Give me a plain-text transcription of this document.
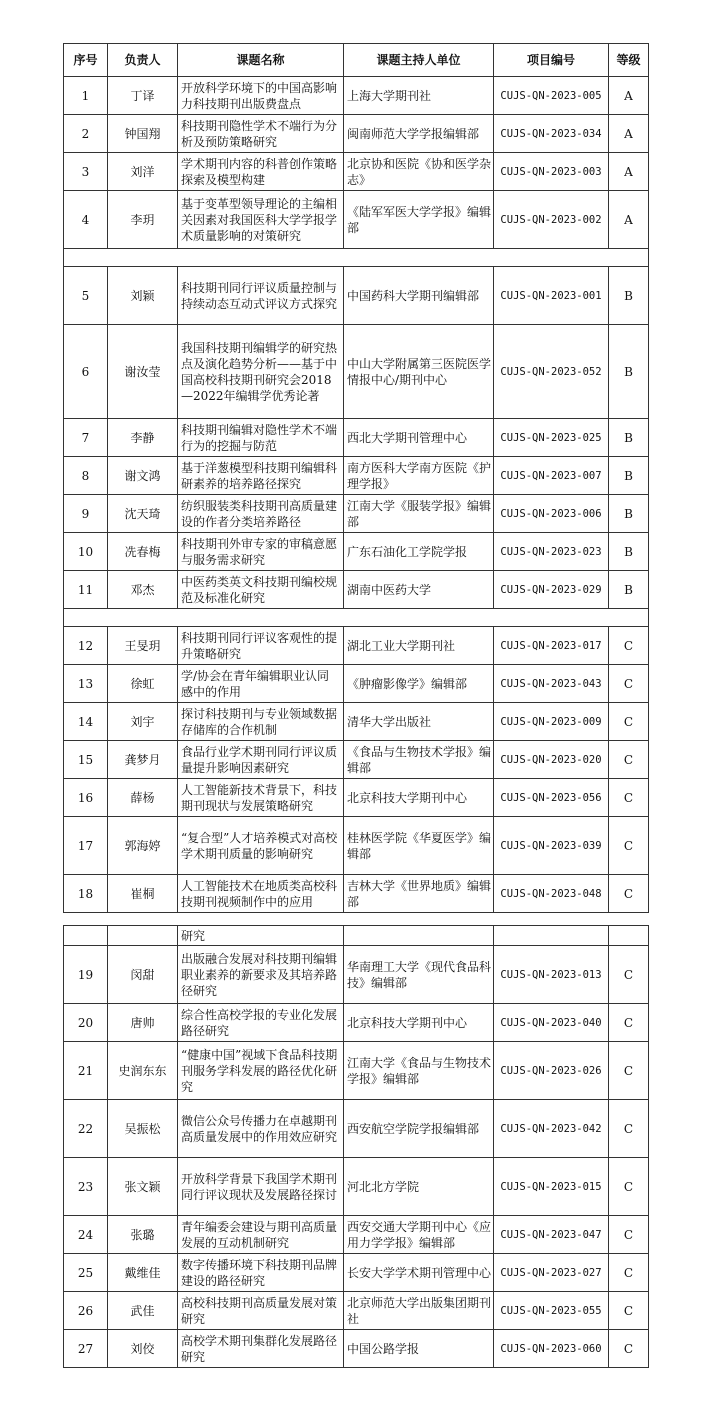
序号	负责人	课题名称	课题主持人单位	项目编号	等级
1	丁译	开放科学环境下的中国高影响力科技期刊出版费盘点	上海大学期刊社	CUJS-QN-2023-005	A
2	钟国翔	科技期刊隐性学术不端行为分析及预防策略研究	闽南师范大学学报编辑部	CUJS-QN-2023-034	A
3	刘洋	学术期刊内容的科普创作策略探索及模型构建	北京协和医院《协和医学杂志》	CUJS-QN-2023-003	A
4	李玥	基于变革型领导理论的主编相关因素对我国医科大学学报学术质量影响的对策研究	《陆军军医大学学报》编辑部	CUJS-QN-2023-002	A

5	刘颖	科技期刊同行评议质量控制与持续动态互动式评议方式探究	中国药科大学期刊编辑部	CUJS-QN-2023-001	B
6	谢汝莹	我国科技期刊编辑学的研究热点及演化趋势分析——基于中国高校科技期刊研究会2018—2022年编辑学优秀论著	中山大学附属第三医院医学情报中心/期刊中心	CUJS-QN-2023-052	B
7	李静	科技期刊编辑对隐性学术不端行为的挖掘与防范	西北大学期刊管理中心	CUJS-QN-2023-025	B
8	谢文鸿	基于洋葱模型科技期刊编辑科研素养的培养路径探究	南方医科大学南方医院《护理学报》	CUJS-QN-2023-007	B
9	沈天琦	纺织服装类科技期刊高质量建设的作者分类培养路径	江南大学《服装学报》编辑部	CUJS-QN-2023-006	B
10	冼春梅	科技期刊外审专家的审稿意愿与服务需求研究	广东石油化工学院学报	CUJS-QN-2023-023	B
11	邓杰	中医药类英文科技期刊编校规范及标准化研究	湖南中医药大学	CUJS-QN-2023-029	B

12	王旻玥	科技期刊同行评议客观性的提升策略研究	湖北工业大学期刊社	CUJS-QN-2023-017	C
13	徐虹	学/协会在青年编辑职业认同感中的作用	《肿瘤影像学》编辑部	CUJS-QN-2023-043	C
14	刘宇	探讨科技期刊与专业领域数据存储库的合作机制	清华大学出版社	CUJS-QN-2023-009	C
15	龚梦月	食品行业学术期刊同行评议质量提升影响因素研究	《食品与生物技术学报》编辑部	CUJS-QN-2023-020	C
16	薛杨	人工智能新技术背景下，科技期刊现状与发展策略研究	北京科技大学期刊中心	CUJS-QN-2023-056	C
17	郭海婷	“复合型”人才培养模式对高校学术期刊质量的影响研究	桂林医学院《华夏医学》编辑部	CUJS-QN-2023-039	C
18	崔桐	人工智能技术在地质类高校科技期刊视频制作中的应用	吉林大学《世界地质》编辑部	CUJS-QN-2023-048	C
		研究			
19	闵甜	出版融合发展对科技期刊编辑职业素养的新要求及其培养路径研究	华南理工大学《现代食品科技》编辑部	CUJS-QN-2023-013	C
20	唐帅	综合性高校学报的专业化发展路径研究	北京科技大学期刊中心	CUJS-QN-2023-040	C
21	史润东东	“健康中国”视域下食品科技期刊服务学科发展的路径优化研究	江南大学《食品与生物技术学报》编辑部	CUJS-QN-2023-026	C
22	吴振松	微信公众号传播力在卓越期刊高质量发展中的作用效应研究	西安航空学院学报编辑部	CUJS-QN-2023-042	C
23	张文颖	开放科学背景下我国学术期刊同行评议现状及发展路径探讨	河北北方学院	CUJS-QN-2023-015	C
24	张璐	青年编委会建设与期刊高质量发展的互动机制研究	西安交通大学期刊中心《应用力学学报》编辑部	CUJS-QN-2023-047	C
25	戴维佳	数字传播环境下科技期刊品牌建设的路径研究	长安大学学术期刊管理中心	CUJS-QN-2023-027	C
26	武佳	高校科技期刊高质量发展对策研究	北京师范大学出版集团期刊社	CUJS-QN-2023-055	C
27	刘佼	高校学术期刊集群化发展路径研究	中国公路学报	CUJS-QN-2023-060	C
